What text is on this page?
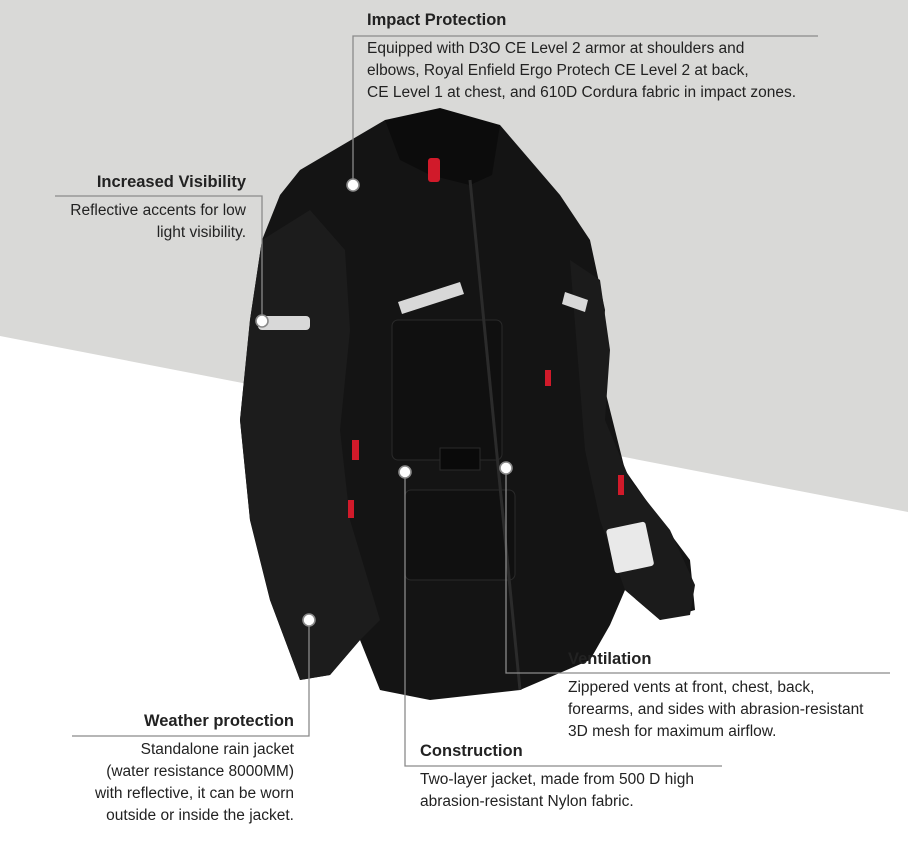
Impact Protection
Equipped with D3O CE Level 2 armor at shoulders and
elbows, Royal Enfield Ergo Protech CE Level 2 at back,
CE Level 1 at chest, and 610D Cordura fabric in impact zones.
Increased Visibility
Reflective accents for low
light visibility.
Ventilation
Zippered vents at front, chest, back,
forearms, and sides with abrasion-resistant
3D mesh for maximum airflow.
Weather protection
Standalone rain jacket
(water resistance 8000MM)
with reflective, it can be worn
outside or inside the jacket.
Construction
Two-layer jacket, made from 500 D high
abrasion-resistant Nylon fabric.
